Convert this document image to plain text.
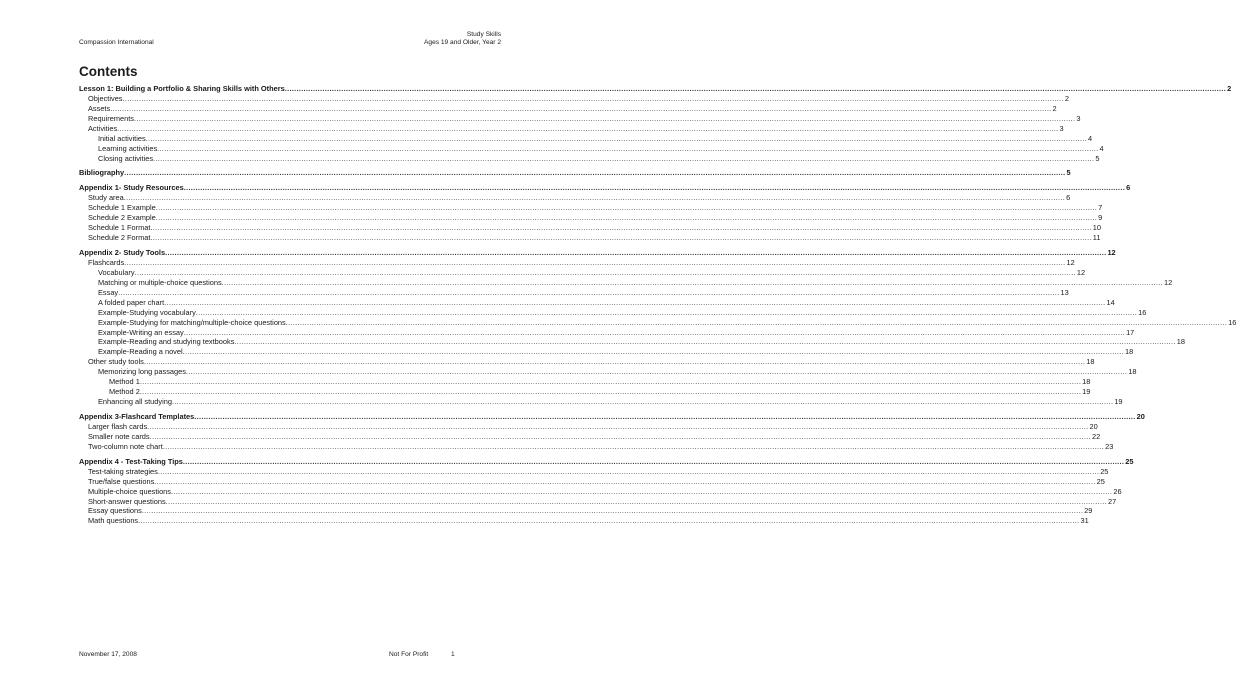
Compassion International
Study Skills
Ages 19 and Older, Year 2
Contents
Lesson 1: Building a Portfolio & Sharing Skills with Others ................................................................................................................................................................................................................................................................................................................................................................................................................ 2
Objectives ................................................................................................................................................................................................................................................................................................................................................................................................................ 2
Assets ................................................................................................................................................................................................................................................................................................................................................................................................................ 2
Requirements ................................................................................................................................................................................................................................................................................................................................................................................................................ 3
Activities ................................................................................................................................................................................................................................................................................................................................................................................................................ 3
Initial activities ................................................................................................................................................................................................................................................................................................................................................................................................................ 4
Learning activities ................................................................................................................................................................................................................................................................................................................................................................................................................ 4
Closing activities ................................................................................................................................................................................................................................................................................................................................................................................................................ 5
Bibliography ................................................................................................................................................................................................................................................................................................................................................................................................................ 5
Appendix 1- Study Resources ................................................................................................................................................................................................................................................................................................................................................................................................................ 6
Study area ................................................................................................................................................................................................................................................................................................................................................................................................................ 6
Schedule 1 Example ................................................................................................................................................................................................................................................................................................................................................................................................................ 7
Schedule 2 Example ................................................................................................................................................................................................................................................................................................................................................................................................................ 9
Schedule 1 Format ................................................................................................................................................................................................................................................................................................................................................................................................................ 10
Schedule 2 Format ................................................................................................................................................................................................................................................................................................................................................................................................................ 11
Appendix 2- Study Tools ................................................................................................................................................................................................................................................................................................................................................................................................................ 12
Flashcards ................................................................................................................................................................................................................................................................................................................................................................................................................ 12
Vocabulary ................................................................................................................................................................................................................................................................................................................................................................................................................ 12
Matching or multiple-choice questions ................................................................................................................................................................................................................................................................................................................................................................................................................ 12
Essay ................................................................................................................................................................................................................................................................................................................................................................................................................ 13
A folded paper chart ................................................................................................................................................................................................................................................................................................................................................................................................................ 14
Example-Studying vocabulary ................................................................................................................................................................................................................................................................................................................................................................................................................ 16
Example-Studying for matching/multiple-choice questions ................................................................................................................................................................................................................................................................................................................................................................................................................ 16
Example-Writing an essay ................................................................................................................................................................................................................................................................................................................................................................................................................ 17
Example-Reading and studying textbooks ................................................................................................................................................................................................................................................................................................................................................................................................................ 18
Example-Reading a novel ................................................................................................................................................................................................................................................................................................................................................................................................................ 18
Other study tools ................................................................................................................................................................................................................................................................................................................................................................................................................ 18
Memorizing long passages ................................................................................................................................................................................................................................................................................................................................................................................................................ 18
Method 1 ................................................................................................................................................................................................................................................................................................................................................................................................................ 18
Method 2 ................................................................................................................................................................................................................................................................................................................................................................................................................ 19
Enhancing all studying ................................................................................................................................................................................................................................................................................................................................................................................................................ 19
Appendix 3-Flashcard Templates ................................................................................................................................................................................................................................................................................................................................................................................................................ 20
Larger flash cards ................................................................................................................................................................................................................................................................................................................................................................................................................ 20
Smaller note cards ................................................................................................................................................................................................................................................................................................................................................................................................................ 22
Two-column note chart ................................................................................................................................................................................................................................................................................................................................................................................................................ 23
Appendix 4 - Test-Taking Tips ................................................................................................................................................................................................................................................................................................................................................................................................................ 25
Test-taking strategies ................................................................................................................................................................................................................................................................................................................................................................................................................ 25
True/false questions ................................................................................................................................................................................................................................................................................................................................................................................................................ 25
Multiple-choice questions ................................................................................................................................................................................................................................................................................................................................................................................................................ 26
Short-answer questions ................................................................................................................................................................................................................................................................................................................................................................................................................ 27
Essay questions ................................................................................................................................................................................................................................................................................................................................................................................................................ 29
Math questions ................................................................................................................................................................................................................................................................................................................................................................................................................ 31
November 17, 2008	Not For Profit	1
